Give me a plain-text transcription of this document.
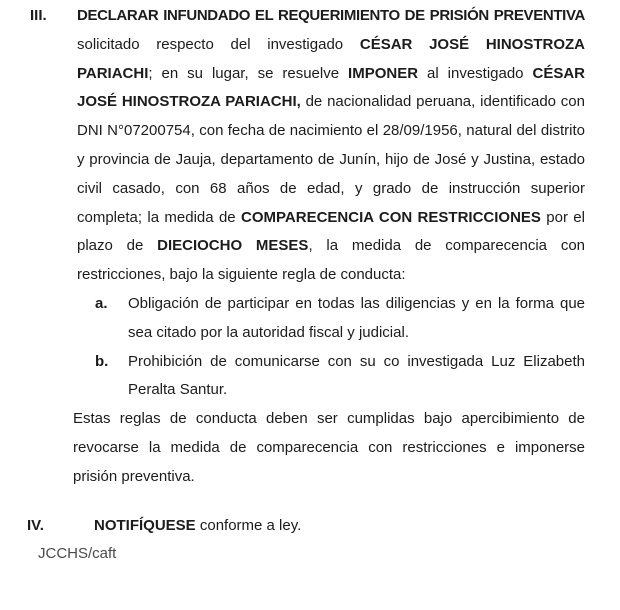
III. DECLARAR INFUNDADO EL REQUERIMIENTO DE PRISIÓN PREVENTIVA solicitado respecto del investigado CÉSAR JOSÉ HINOSTROZA PARIACHI; en su lugar, se resuelve IMPONER al investigado CÉSAR JOSÉ HINOSTROZA PARIACHI, de nacionalidad peruana, identificado con DNI N°07200754, con fecha de nacimiento el 28/09/1956, natural del distrito y provincia de Jauja, departamento de Junín, hijo de José y Justina, estado civil casado, con 68 años de edad, y grado de instrucción superior completa; la medida de COMPARECENCIA CON RESTRICCIONES por el plazo de DIECIOCHO MESES, la medida de comparecencia con restricciones, bajo la siguiente regla de conducta:
a. Obligación de participar en todas las diligencias y en la forma que sea citado por la autoridad fiscal y judicial.
b. Prohibición de comunicarse con su co investigada Luz Elizabeth Peralta Santur.
Estas reglas de conducta deben ser cumplidas bajo apercibimiento de revocarse la medida de comparecencia con restricciones e imponerse prisión preventiva.
IV.	NOTIFÍQUESE conforme a ley.
JCCHS/caft
